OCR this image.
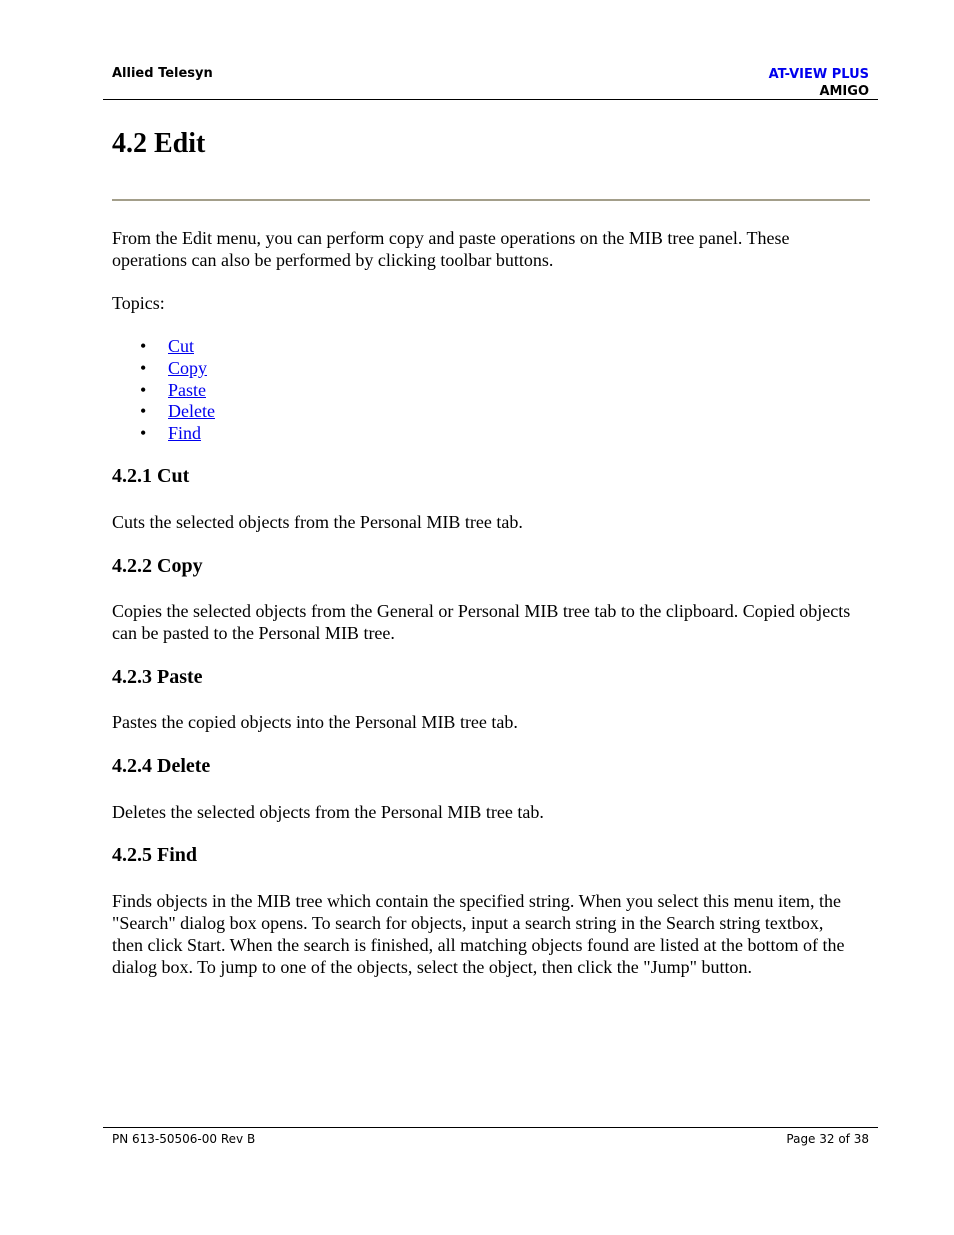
Allied Telesyn	AT-VIEW PLUS
AMIGO
4.2 Edit

From the Edit menu, you can perform copy and paste operations on the MIB tree panel. These operations can also be performed by clicking toolbar buttons.

Topics:

• Cut
• Copy
• Paste
• Delete
• Find
4.2.1 Cut

Cuts the selected objects from the Personal MIB tree tab.

4.2.2 Copy

Copies the selected objects from the General or Personal MIB tree tab to the clipboard. Copied objects can be pasted to the Personal MIB tree.

4.2.3 Paste

Pastes the copied objects into the Personal MIB tree tab.

4.2.4 Delete

Deletes the selected objects from the Personal MIB tree tab.

4.2.5 Find

Finds objects in the MIB tree which contain the specified string. When you select this menu item, the "Search" dialog box opens. To search for objects, input a search string in the Search string textbox, then click Start. When the search is finished, all matching objects found are listed at the bottom of the dialog box. To jump to one of the objects, select the object, then click the "Jump" button.

PN 613-50506-00 Rev B	Page 32 of 38
